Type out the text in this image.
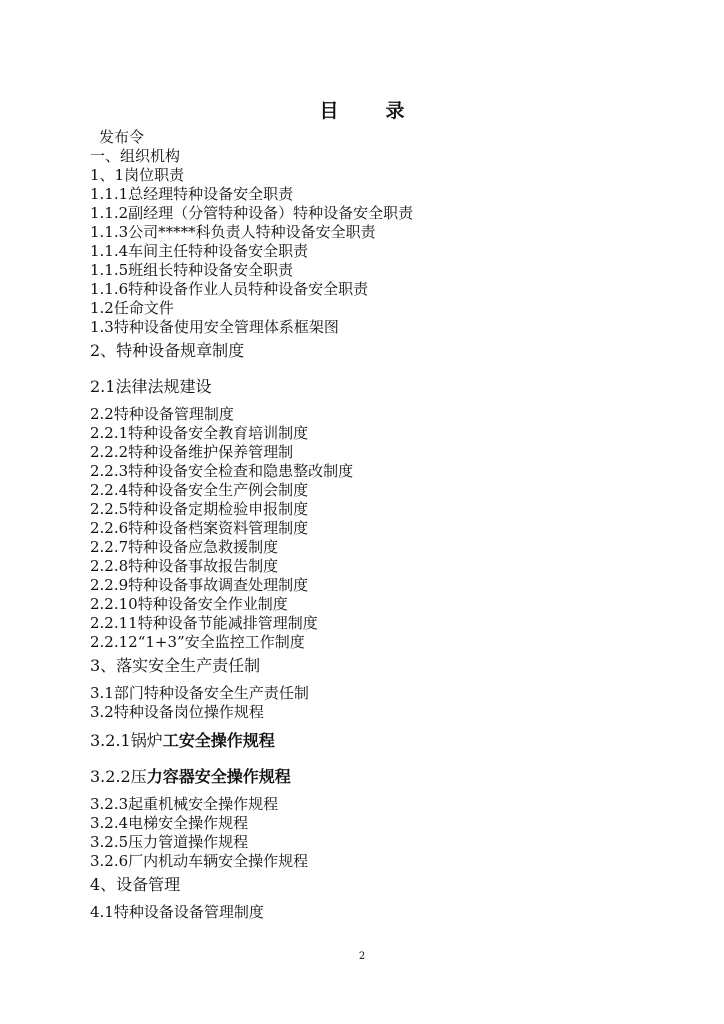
目　录
发布令
一、组织机构
1、1岗位职责
1.1.1总经理特种设备安全职责
1.1.2副经理（分管特种设备）特种设备安全职责
1.1.3公司*****科负责人特种设备安全职责
1.1.4车间主任特种设备安全职责
1.1.5班组长特种设备安全职责
1.1.6特种设备作业人员特种设备安全职责
1.2任命文件
1.3特种设备使用安全管理体系框架图
2、特种设备规章制度
2.1法律法规建设
2.2特种设备管理制度
2.2.1特种设备安全教育培训制度
2.2.2特种设备维护保养管理制
2.2.3特种设备安全检查和隐患整改制度
2.2.4特种设备安全生产例会制度
2.2.5特种设备定期检验申报制度
2.2.6特种设备档案资料管理制度
2.2.7特种设备应急救援制度
2.2.8特种设备事故报告制度
2.2.9特种设备事故调查处理制度
2.2.10特种设备安全作业制度
2.2.11特种设备节能减排管理制度
2.2.12“1+3”安全监控工作制度
3、落实安全生产责任制
3.1部门特种设备安全生产责任制
3.2特种设备岗位操作规程
3.2.1锅炉工安全操作规程
3.2.2压力容器安全操作规程
3.2.3起重机械安全操作规程
3.2.4电梯安全操作规程
3.2.5压力管道操作规程
3.2.6厂内机动车辆安全操作规程
4、设备管理
4.1特种设备设备管理制度
2
